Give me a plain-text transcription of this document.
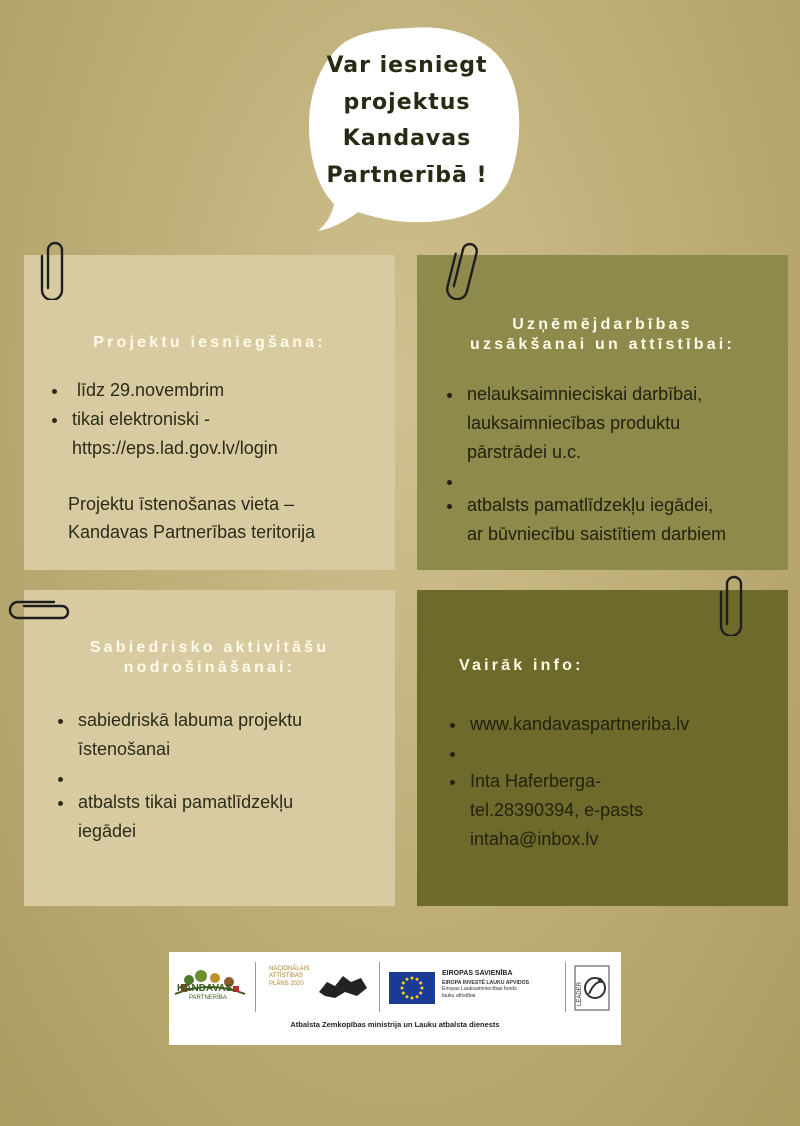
Var iesniegt
projektus
Kandavas
Partnerībā !
Projektu iesniegšana:
līdz 29.novembrim
tikai elektroniski -
https://eps.lad.gov.lv/login
Projektu īstenošanas vieta –
Kandavas Partnerības teritorija
Uzņēmējdarbības
uzsākšanai un attīstībai:
nelauksaimnieciskai darbībai,
lauksaimniecības produktu
pārstrādei u.c.
atbalsts pamatlīdzekļu iegādei,
ar būvniecību saistītiem darbiem
Sabiedrisko aktivitāšu
nodrošināšanai:
sabiedriskā labuma projektu
īstenošanai
atbalsts tikai pamatlīdzekļu
iegādei
Vairāk info:
www.kandavaspartneriba.lv
Inta Haferberga-
tel.28390394, e-pasts
intaha@inbox.lv
KANDAVAS
PARTNERĪBA
NACIONĀLAIS
ATTĪSTĪBAS
PLĀNS 2020
EIROPAS SAVIENĪBA
EIROPA INVESTĒ LAUKU APVIDOS
Eiropas Lauksaimniecības fonds
lauku attīstībai	LEADER
Atbalsta Zemkopības ministrija un Lauku atbalsta dienests
